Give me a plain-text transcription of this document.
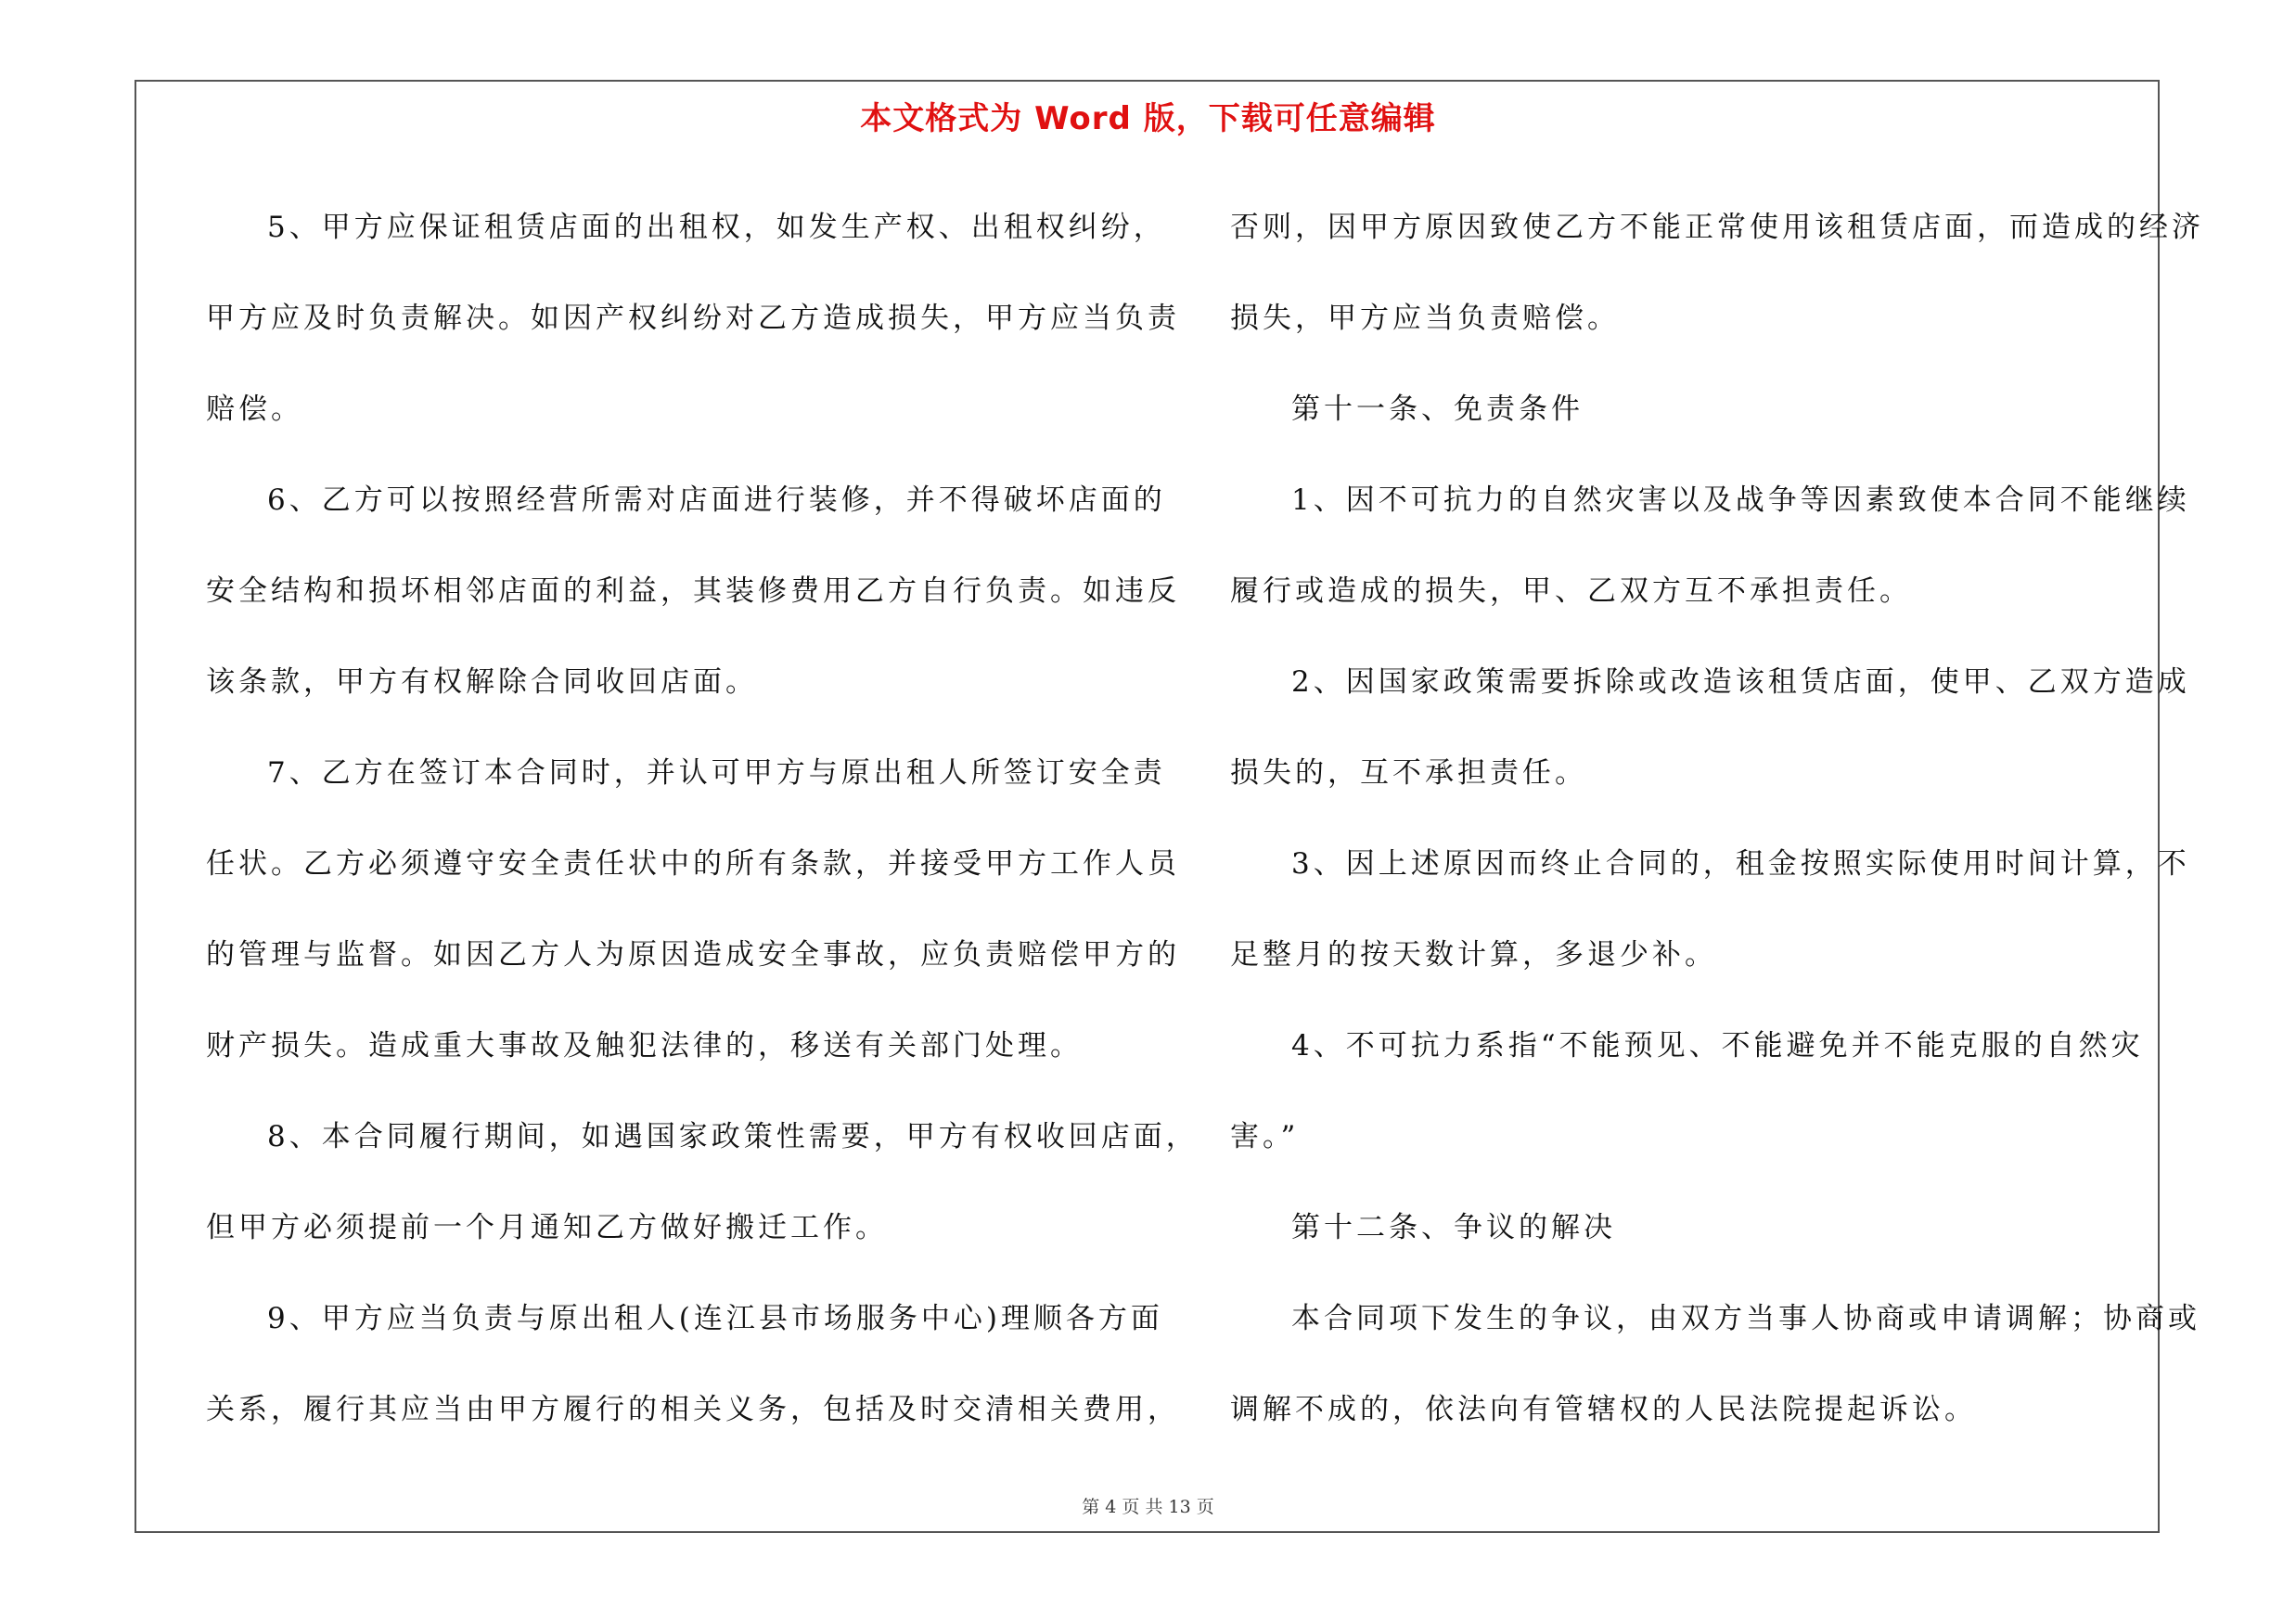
本文格式为 Word 版，下载可任意编辑
5、甲方应保证租赁店面的出租权，如发生产权、出租权纠纷，
甲方应及时负责解决。如因产权纠纷对乙方造成损失，甲方应当负责
赔偿。
6、乙方可以按照经营所需对店面进行装修，并不得破坏店面的
安全结构和损坏相邻店面的利益，其装修费用乙方自行负责。如违反
该条款，甲方有权解除合同收回店面。
7、乙方在签订本合同时，并认可甲方与原出租人所签订安全责
任状。乙方必须遵守安全责任状中的所有条款，并接受甲方工作人员
的管理与监督。如因乙方人为原因造成安全事故，应负责赔偿甲方的
财产损失。造成重大事故及触犯法律的，移送有关部门处理。
8、本合同履行期间，如遇国家政策性需要，甲方有权收回店面，
但甲方必须提前一个月通知乙方做好搬迁工作。
9、甲方应当负责与原出租人(连江县市场服务中心)理顺各方面
关系，履行其应当由甲方履行的相关义务，包括及时交清相关费用，
否则，因甲方原因致使乙方不能正常使用该租赁店面，而造成的经济
损失，甲方应当负责赔偿。
第十一条、免责条件
1、因不可抗力的自然灾害以及战争等因素致使本合同不能继续
履行或造成的损失，甲、乙双方互不承担责任。
2、因国家政策需要拆除或改造该租赁店面，使甲、乙双方造成
损失的，互不承担责任。
3、因上述原因而终止合同的，租金按照实际使用时间计算，不
足整月的按天数计算，多退少补。
4、不可抗力系指“不能预见、不能避免并不能克服的自然灾
害。”
第十二条、争议的解决
本合同项下发生的争议，由双方当事人协商或申请调解；协商或
调解不成的，依法向有管辖权的人民法院提起诉讼。
第 4 页 共 13 页
